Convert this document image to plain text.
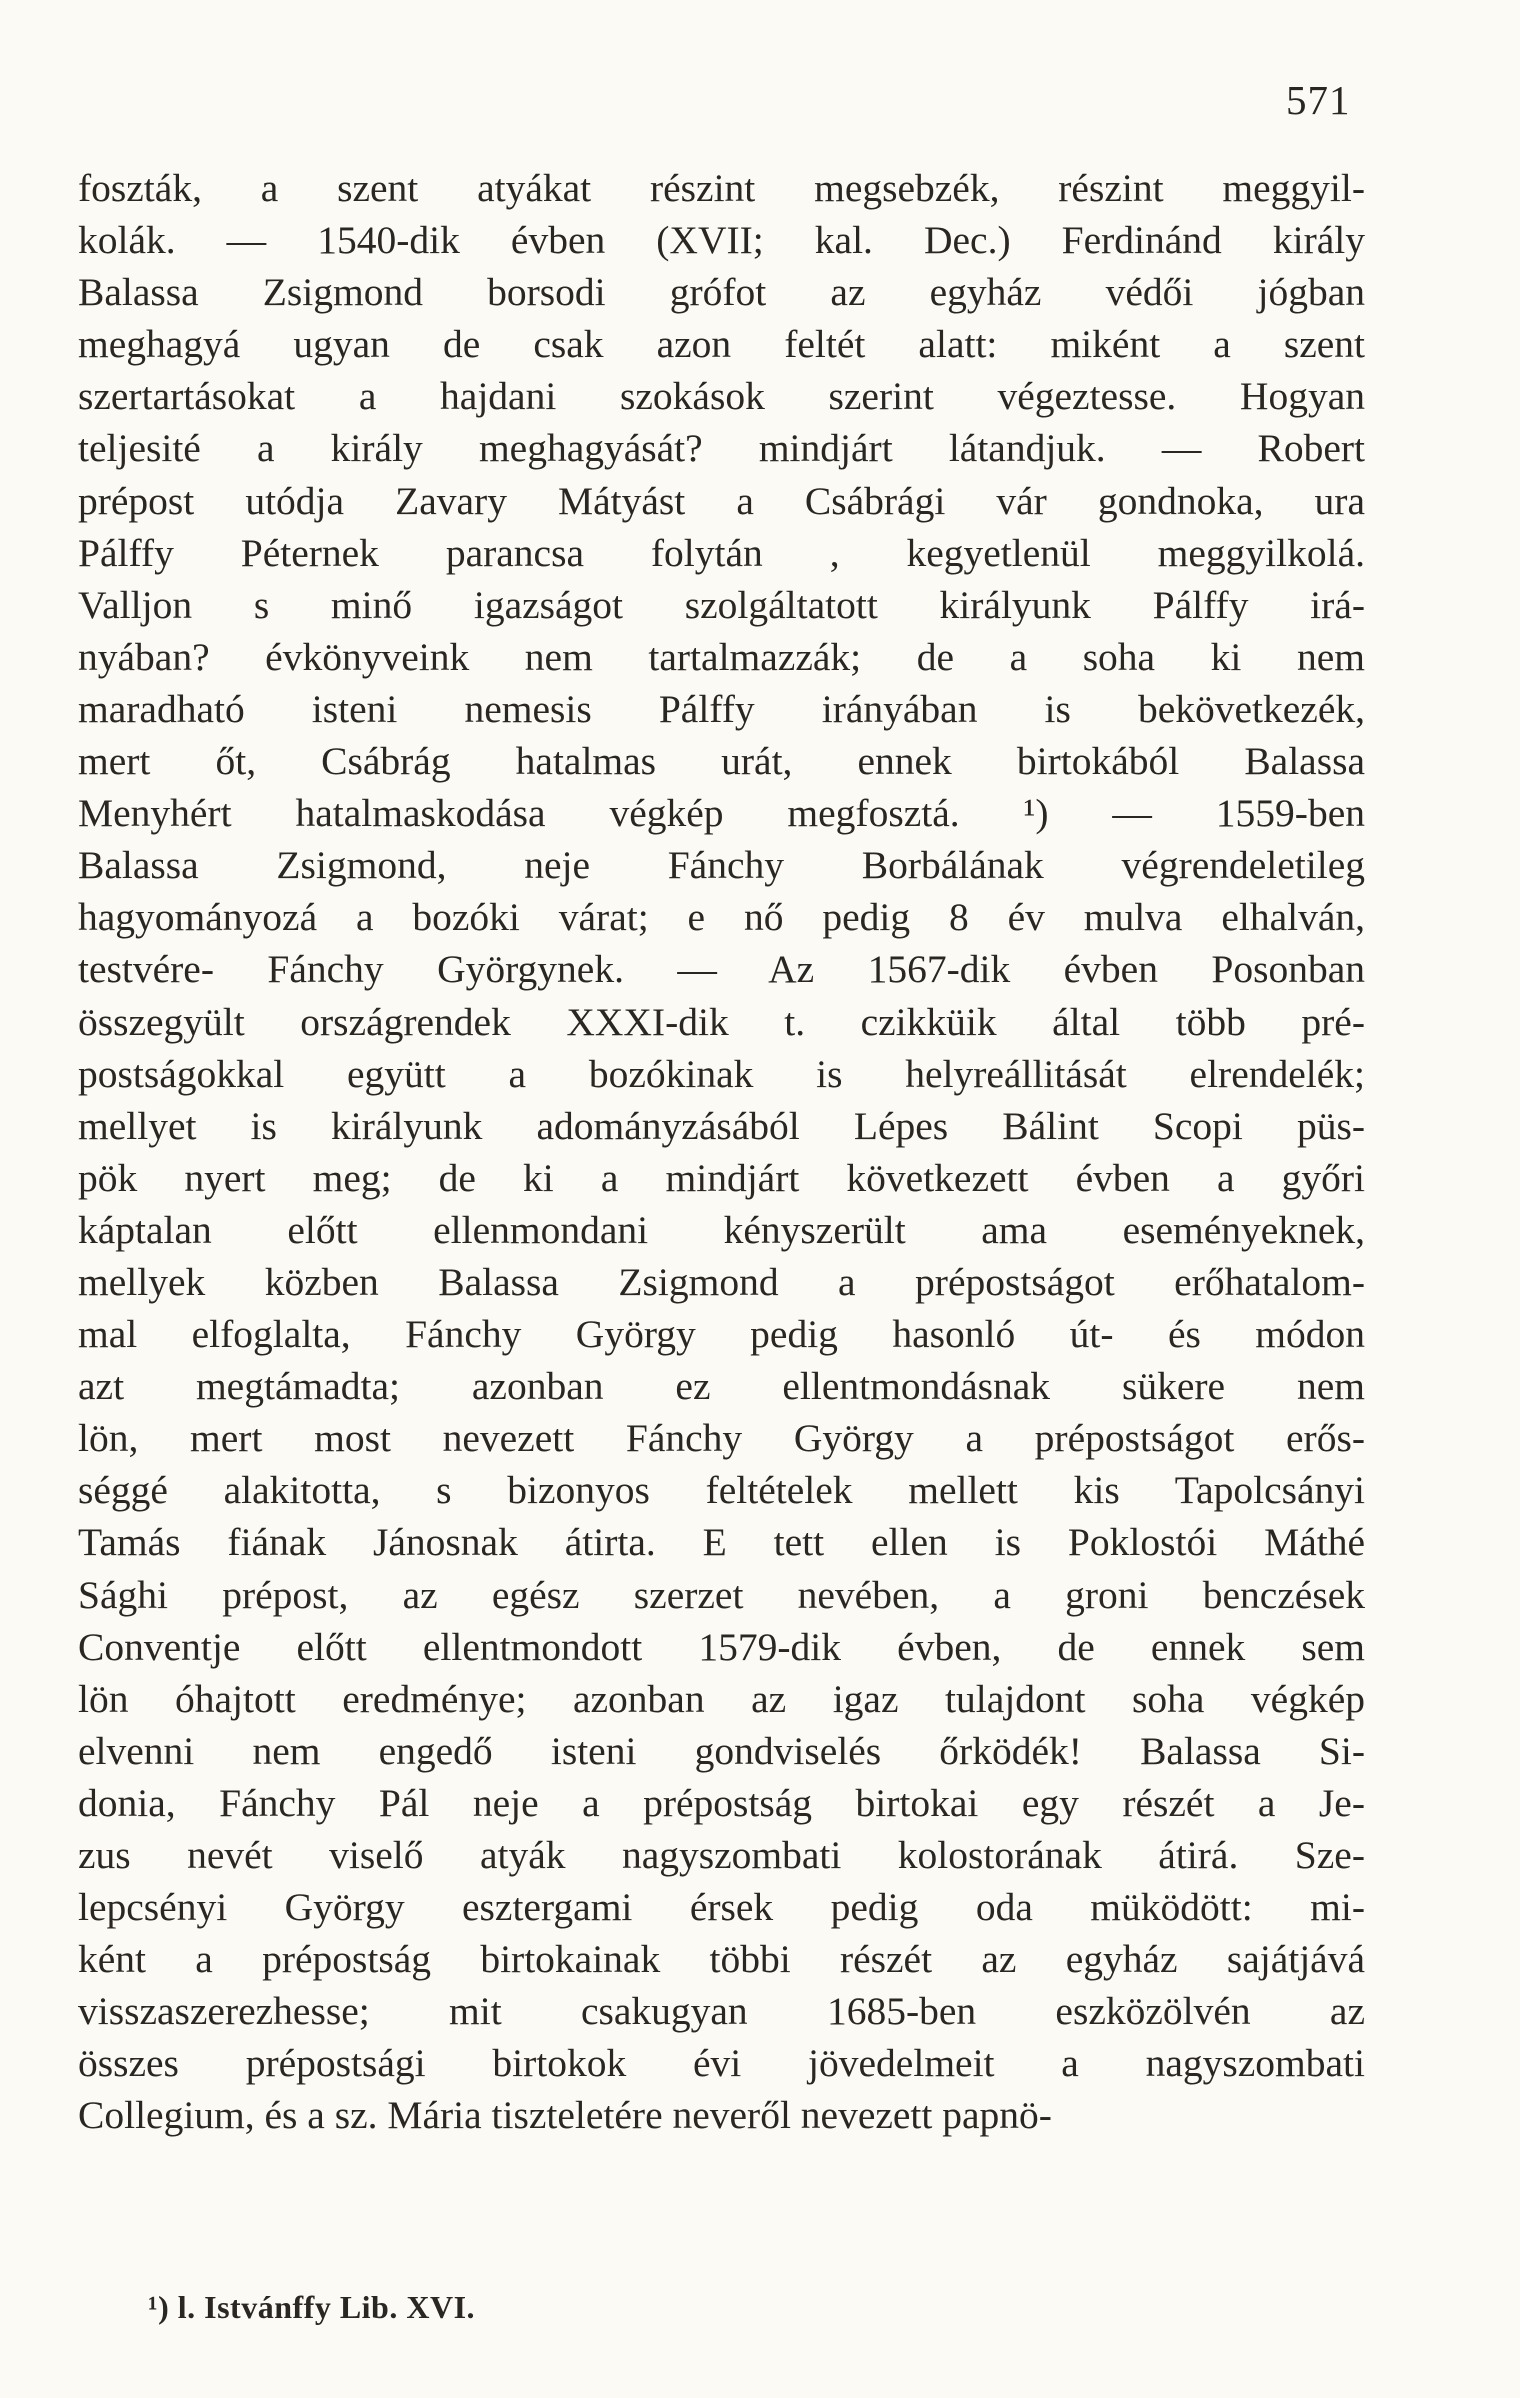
571
foszták, a szent atyákat részint megsebzék, részint meggyil-
kolák. — 1540-dik évben (XVII; kal. Dec.) Ferdinánd király
Balassa Zsigmond borsodi grófot az egyház védői jógban
meghagyá ugyan de csak azon feltét alatt: miként a szent
szertartásokat a hajdani szokások szerint végeztesse. Hogyan
teljesité a király meghagyását? mindjárt látandjuk. — Robert
prépost utódja Zavary Mátyást a Csábrági vár gondnoka, ura
Pálffy Péternek parancsa folytán , kegyetlenül meggyilkolá.
Valljon s minő igazságot szolgáltatott királyunk Pálffy irá-
nyában? évkönyveink nem tartalmazzák; de a soha ki nem
maradható isteni nemesis Pálffy irányában is bekövetkezék,
mert őt, Csábrág hatalmas urát, ennek birtokából Balassa
Menyhért hatalmaskodása végkép megfosztá. ¹) — 1559-ben
Balassa Zsigmond, neje Fánchy Borbálának végrendeletileg
hagyományozá a bozóki várat; e nő pedig 8 év mulva elhalván,
testvére- Fánchy Györgynek. — Az 1567-dik évben Posonban
összegyült országrendek XXXI-dik t. czikküik által több pré-
postságokkal együtt a bozókinak is helyreállitását elrendelék;
mellyet is királyunk adományzásából Lépes Bálint Scopi püs-
pök nyert meg; de ki a mindjárt következett évben a győri
káptalan előtt ellenmondani kényszerült ama eseményeknek,
mellyek közben Balassa Zsigmond a prépostságot erőhatalom-
mal elfoglalta, Fánchy György pedig hasonló út- és módon
azt megtámadta; azonban ez ellentmondásnak sükere nem
lön, mert most nevezett Fánchy György a prépostságot erős-
séggé alakitotta, s bizonyos feltételek mellett kis Tapolcsányi
Tamás fiának Jánosnak átirta. E tett ellen is Poklostói Máthé
Sághi prépost, az egész szerzet nevében, a groni benczések
Conventje előtt ellentmondott 1579-dik évben, de ennek sem
lön óhajtott eredménye; azonban az igaz tulajdont soha végkép
elvenni nem engedő isteni gondviselés őrködék! Balassa Si-
donia, Fánchy Pál neje a prépostság birtokai egy részét a Je-
zus nevét viselő atyák nagyszombati kolostorának átirá. Sze-
lepcsényi György esztergami érsek pedig oda müködött: mi-
ként a prépostság birtokainak többi részét az egyház sajátjává
visszaszerezhesse; mit csakugyan 1685-ben eszközölvén az
összes prépostsági birtokok évi jövedelmeit a nagyszombati
Collegium, és a sz. Mária tiszteletére neveről nevezett papnö-
¹) l. Istvánffy Lib. XVI.
